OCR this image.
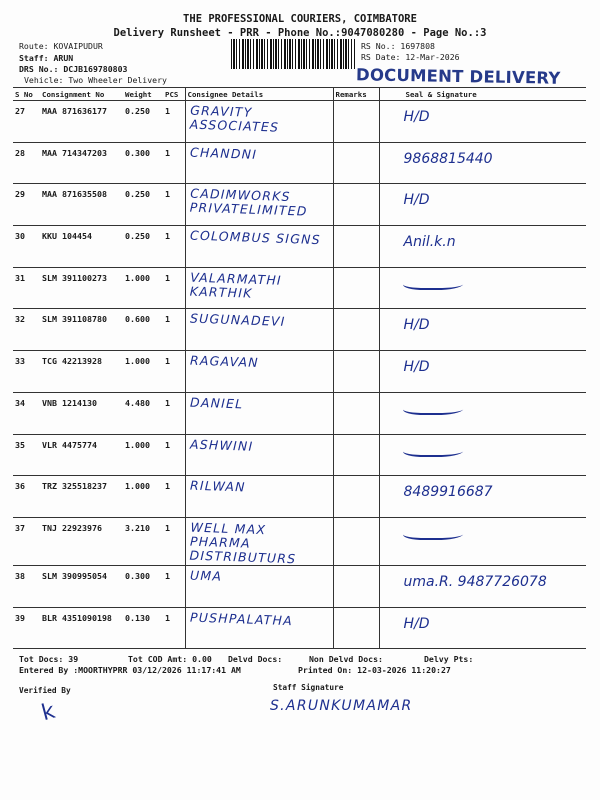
THE PROFESSIONAL COURIERS, COIMBATORE
Delivery Runsheet - PRR - Phone No.:9047080280 - Page No.:3
Route: KOVAIPUDUR
Staff: ARUN
DRS No.: DCJB169780803
Vehicle: Two Wheeler Delivery
RS No.: 1697808
RS Date: 12-Mar-2026
DOCUMENT DELIVERY
S No	Consignment No	Weight	PCS	Consignee Details	Remarks	Seal & Signature
27	MAA 871636177	0.250	1	GRAVITY ASSOCIATES		H/D

28	MAA 714347203	0.300	1	CHANDNI		9868815440

29	MAA 871635508	0.250	1	CADIMWORKS PRIVATELIMITED		H/D

30	KKU 104454	0.250	1	COLOMBUS SIGNS		Anil.k.n

31	SLM 391100273	1.000	1	VALARMATHI KARTHIK		

32	SLM 391108780	0.600	1	SUGUNADEVI		H/D

33	TCG 42213928	1.000	1	RAGAVAN		H/D

34	VNB 1214130	4.480	1	DANIEL		

35	VLR 4475774	1.000	1	ASHWINI		

36	TRZ 325518237	1.000	1	RILWAN		8489916687

37	TNJ 22923976	3.210	1	WELL MAX PHARMA DISTRIBUTURS		

38	SLM 390995054	0.300	1	UMA		uma.R. 9487726078

39	BLR 4351090198	0.130	1	PUSHPALATHA		H/D
Tot Docs: 39	Tot COD Amt: 0.00 Delvd Docs:	Non Delvd Docs:	Delvy Pts:
Entered By :MOORTHYPRR 03/12/2026 11:17:41 AM	Printed On: 12-03-2026 11:20:27
Verified By
k
Staff Signature
S.ARUNKUMAMAR
